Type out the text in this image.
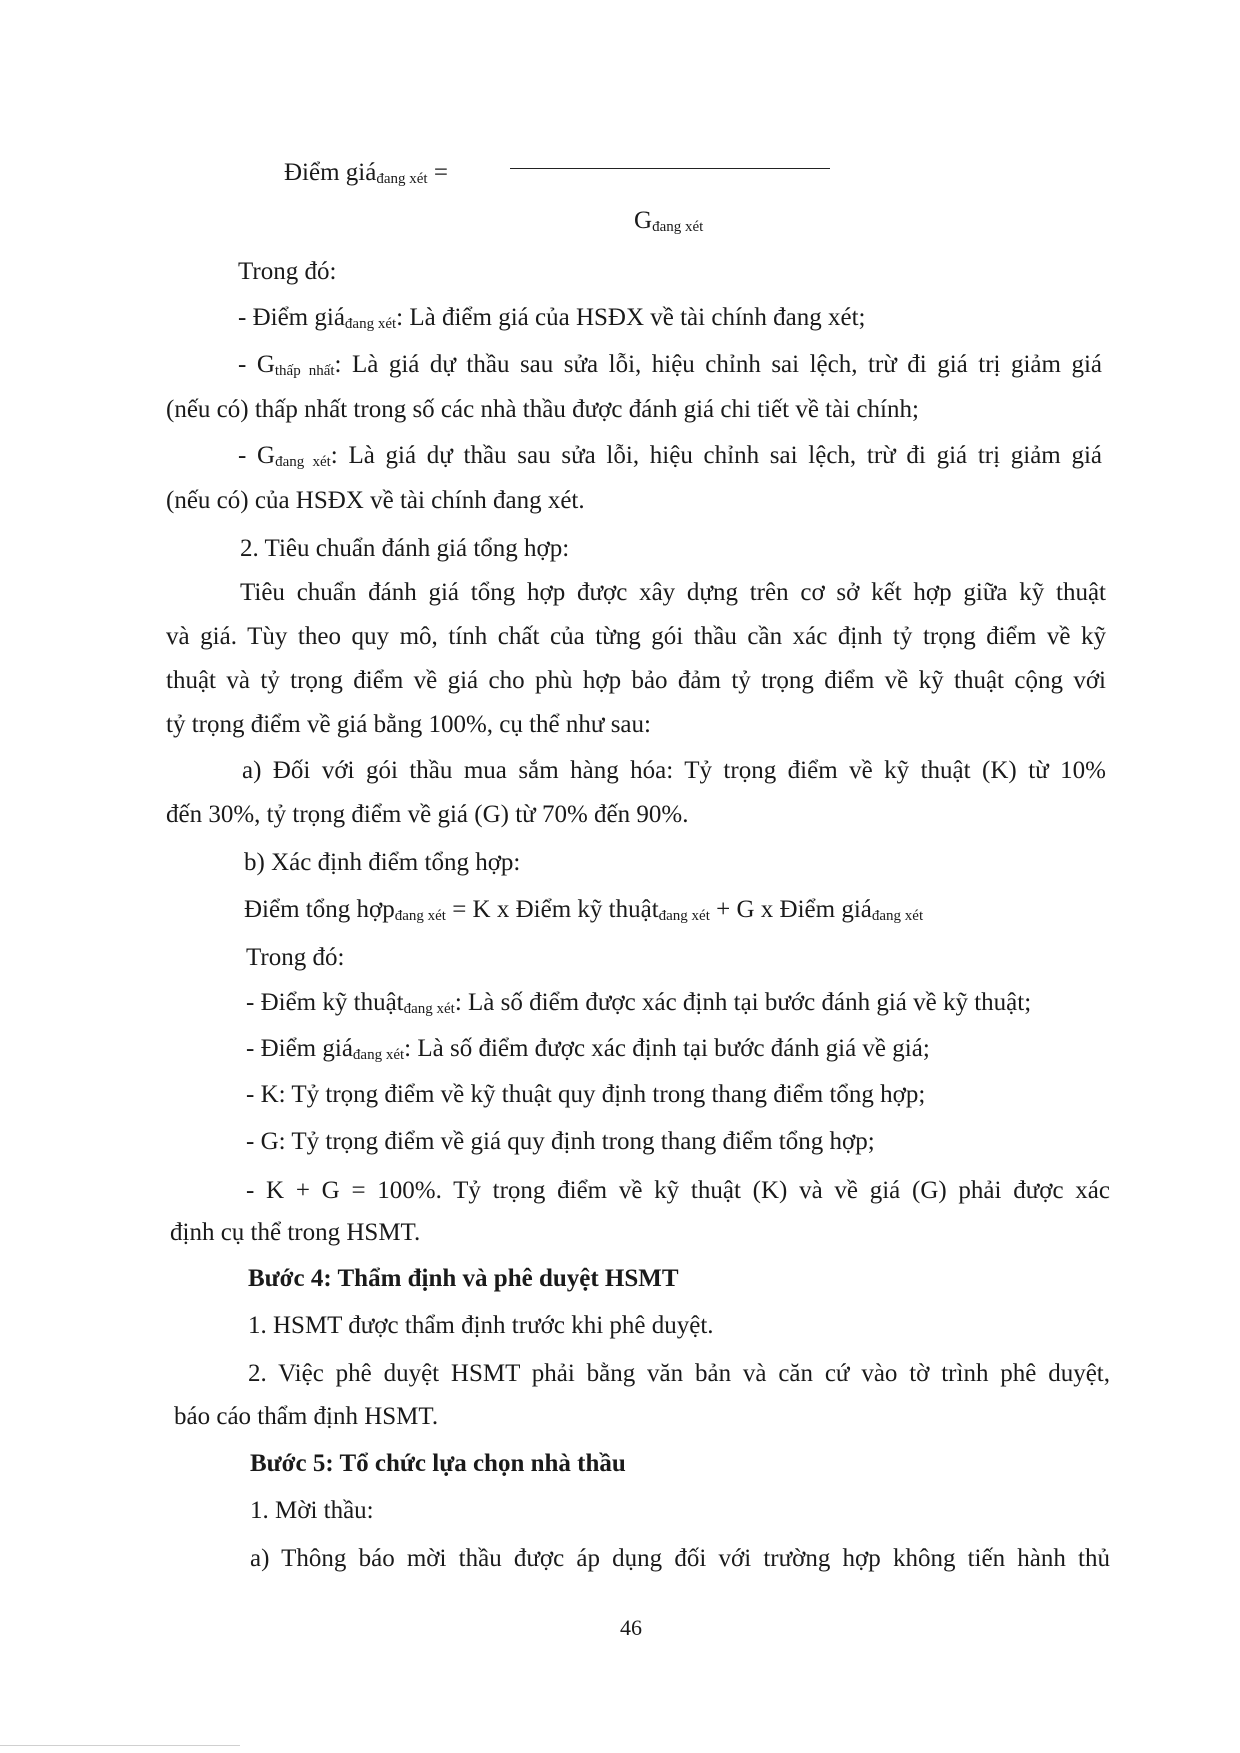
Điểm giá$_{đang xét}$ =
$G_{đang xét}$
Trong đó:
- Điểm giá$_{đang xét}$: Là điểm giá của HSĐX về tài chính đang xét;
- $G_{thấp nhất}$: Là giá dự thầu sau sửa lỗi, hiệu chỉnh sai lệch, trừ đi giá trị giảm giá
(nếu có) thấp nhất trong số các nhà thầu được đánh giá chi tiết về tài chính;
- $G_{đang xét}$: Là giá dự thầu sau sửa lỗi, hiệu chỉnh sai lệch, trừ đi giá trị giảm giá
(nếu có) của HSĐX về tài chính đang xét.
2. Tiêu chuẩn đánh giá tổng hợp:
Tiêu chuẩn đánh giá tổng hợp được xây dựng trên cơ sở kết hợp giữa kỹ thuật
và giá. Tùy theo quy mô, tính chất của từng gói thầu cần xác định tỷ trọng điểm về kỹ
thuật và tỷ trọng điểm về giá cho phù hợp bảo đảm tỷ trọng điểm về kỹ thuật cộng với
tỷ trọng điểm về giá bằng 100%, cụ thể như sau:
a) Đối với gói thầu mua sắm hàng hóa: Tỷ trọng điểm về kỹ thuật (K) từ 10%
đến 30%, tỷ trọng điểm về giá (G) từ 70% đến 90%.
b) Xác định điểm tổng hợp:
Điểm tổng hợp$_{đang xét}$ = K x Điểm kỹ thuật$_{đang xét}$ + G x Điểm giá$_{đang xét}$
Trong đó:
- Điểm kỹ thuật$_{đang xét}$: Là số điểm được xác định tại bước đánh giá về kỹ thuật;
- Điểm giá$_{đang xét}$: Là số điểm được xác định tại bước đánh giá về giá;
- K: Tỷ trọng điểm về kỹ thuật quy định trong thang điểm tổng hợp;
- G: Tỷ trọng điểm về giá quy định trong thang điểm tổng hợp;
- K + G = 100%. Tỷ trọng điểm về kỹ thuật (K) và về giá (G) phải được xác
định cụ thể trong HSMT.
Bước 4: Thẩm định và phê duyệt HSMT
1. HSMT được thẩm định trước khi phê duyệt.
2. Việc phê duyệt HSMT phải bằng văn bản và căn cứ vào tờ trình phê duyệt,
báo cáo thẩm định HSMT.
Bước 5: Tổ chức lựa chọn nhà thầu
1. Mời thầu:
a) Thông báo mời thầu được áp dụng đối với trường hợp không tiến hành thủ
46
